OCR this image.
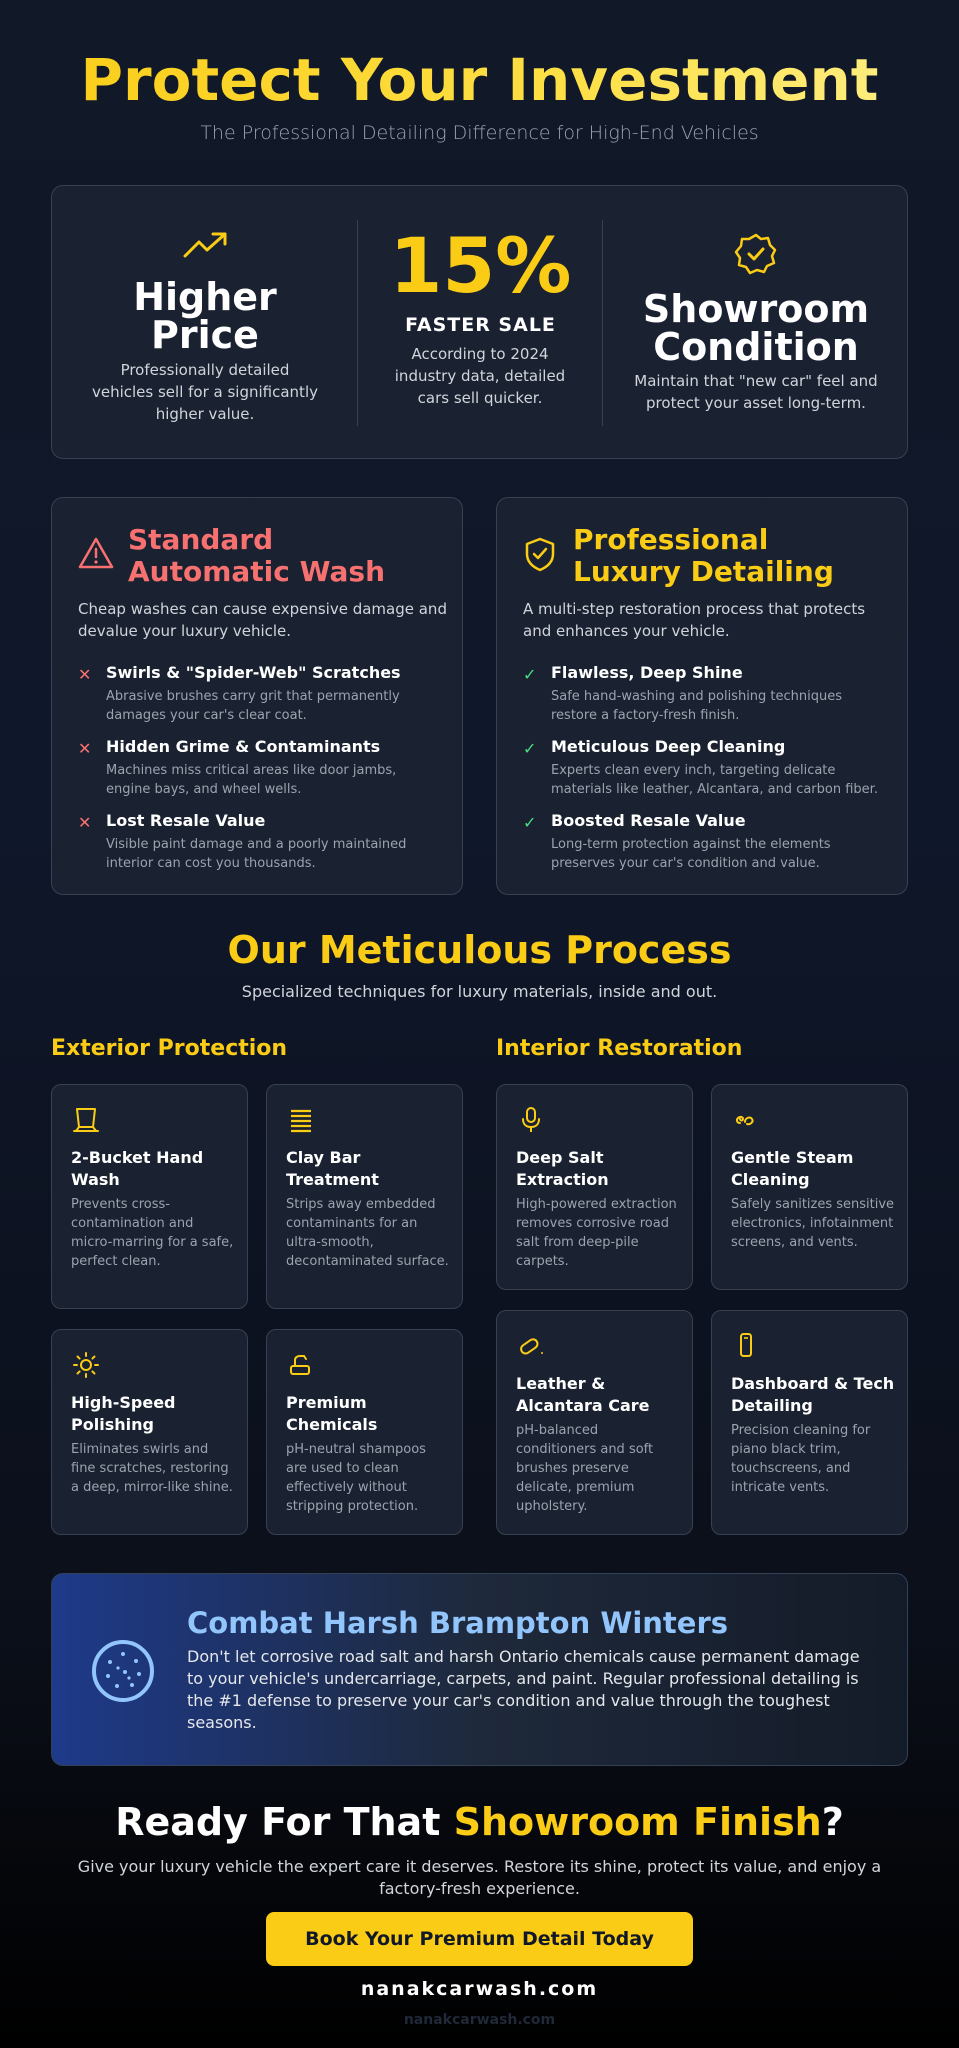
Protect Your Investment

The Professional Detailing Difference for High-End Vehicles

Higher
Price
Professionally detailed vehicles sell for a significantly higher value.
15%
FASTER SALE
According to 2024 industry data, detailed cars sell quicker.
Showroom
Condition
Maintain that "new car" feel and protect your asset long-term.
Standard
Automatic Wash
Cheap washes can cause expensive damage and devalue your luxury vehicle.
✕ Swirls & "Spider-Web" Scratches
Abrasive brushes carry grit that permanently damages your car's clear coat.
✕ Hidden Grime & Contaminants
Machines miss critical areas like door jambs, engine bays, and wheel wells.
✕ Lost Resale Value
Visible paint damage and a poorly maintained interior can cost you thousands.
Professional
Luxury Detailing
A multi-step restoration process that protects and enhances your vehicle.
✓ Flawless, Deep Shine
Safe hand-washing and polishing techniques restore a factory-fresh finish.
✓ Meticulous Deep Cleaning
Experts clean every inch, targeting delicate materials like leather, Alcantara, and carbon fiber.
✓ Boosted Resale Value
Long-term protection against the elements preserves your car's condition and value.
Our Meticulous Process

Specialized techniques for luxury materials, inside and out.

Exterior Protection	Interior Restoration
2-Bucket Hand Wash
Prevents cross-contamination and micro-marring for a safe, perfect clean.
Clay Bar Treatment
Strips away embedded contaminants for an ultra-smooth, decontaminated surface.
High-Speed Polishing
Eliminates swirls and fine scratches, restoring a deep, mirror-like shine.
Premium Chemicals
pH-neutral shampoos are used to clean effectively without stripping protection.
Deep Salt Extraction
High-powered extraction removes corrosive road salt from deep-pile carpets.
Gentle Steam Cleaning
Safely sanitizes sensitive electronics, infotainment screens, and vents.
Leather & Alcantara Care
pH-balanced conditioners and soft brushes preserve delicate, premium upholstery.
Dashboard & Tech Detailing
Precision cleaning for piano black trim, touchscreens, and intricate vents.
Combat Harsh Brampton Winters
Don't let corrosive road salt and harsh Ontario chemicals cause permanent damage to your vehicle's undercarriage, carpets, and paint. Regular professional detailing is the #1 defense to preserve your car's condition and value through the toughest seasons.
Ready For That Showroom Finish?

Give your luxury vehicle the expert care it deserves. Restore its shine, protect its value, and enjoy a factory-fresh experience.

Book Your Premium Detail Today
nanakcarwash.com
nanakcarwash.com
